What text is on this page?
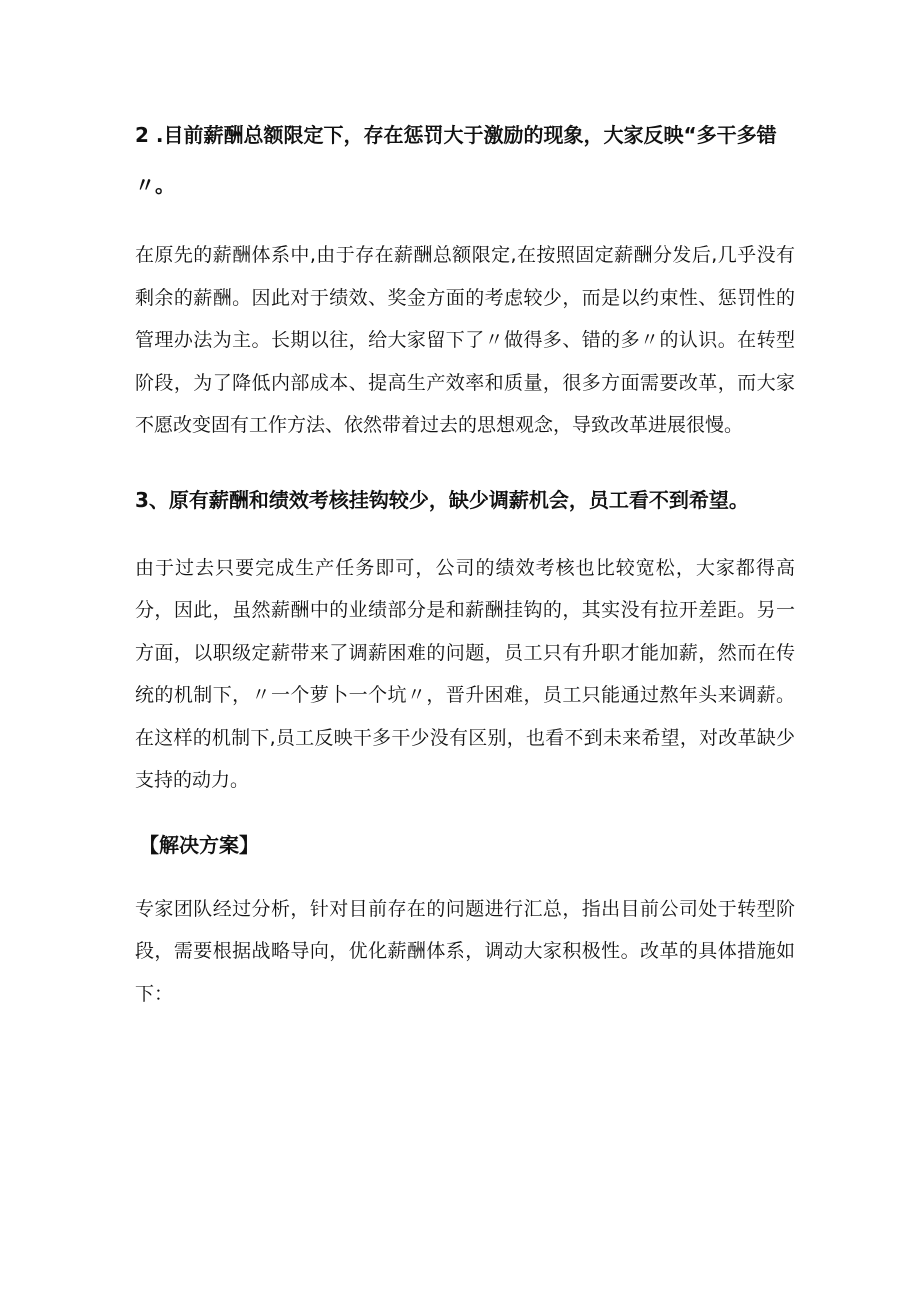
2 .目前薪酬总额限定下，存在惩罚大于激励的现象，大家反映“多干多错〃。

在原先的薪酬体系中,由于存在薪酬总额限定,在按照固定薪酬分发后,几乎没有剩余的薪酬。因此对于绩效、奖金方面的考虑较少，而是以约束性、惩罚性的管理办法为主。长期以往，给大家留下了〃做得多、错的多〃的认识。在转型阶段，为了降低内部成本、提高生产效率和质量，很多方面需要改革，而大家不愿改变固有工作方法、依然带着过去的思想观念，导致改革进展很慢。

3、原有薪酬和绩效考核挂钩较少，缺少调薪机会，员工看不到希望。

由于过去只要完成生产任务即可，公司的绩效考核也比较宽松，大家都得高分，因此，虽然薪酬中的业绩部分是和薪酬挂钩的，其实没有拉开差距。另一方面，以职级定薪带来了调薪困难的问题，员工只有升职才能加薪，然而在传统的机制下，〃一个萝卜一个坑〃，晋升困难，员工只能通过熬年头来调薪。在这样的机制下,员工反映干多干少没有区别，也看不到未来希望，对改革缺少支持的动力。

【解决方案】

专家团队经过分析，针对目前存在的问题进行汇总，指出目前公司处于转型阶段，需要根据战略导向，优化薪酬体系，调动大家积极性。改革的具体措施如下：
